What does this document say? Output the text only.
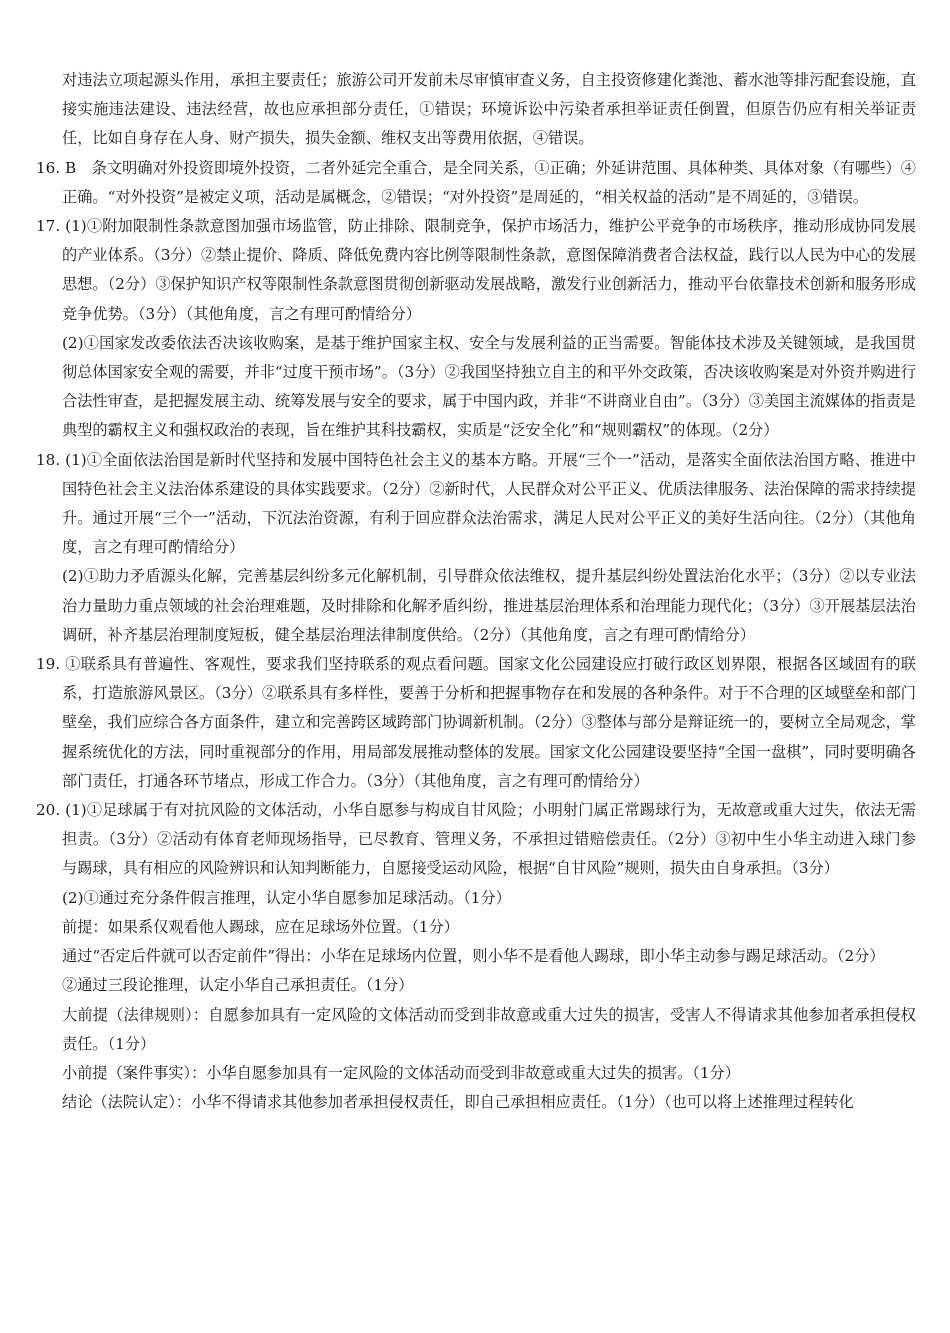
对违法立项起源头作用，承担主要责任；旅游公司开发前未尽审慎审查义务，自主投资修建化粪池、蓄水池等排污配套设施，直接实施违法建设、违法经营，故也应承担部分责任，①错误；环境诉讼中污染者承担举证责任倒置，但原告仍应有相关举证责任，比如自身存在人身、财产损失，损失金额、维权支出等费用依据，④错误。

16. B　条文明确对外投资即境外投资，二者外延完全重合，是全同关系，①正确；外延讲范围、具体种类、具体对象（有哪些）④正确。“对外投资”是被定义项，活动是属概念，②错误；“对外投资”是周延的，“相关权益的活动”是不周延的，③错误。

17. (1)①附加限制性条款意图加强市场监管，防止排除、限制竞争，保护市场活力，维护公平竞争的市场秩序，推动形成协同发展的产业体系。（3分）②禁止提价、降质、降低免费内容比例等限制性条款，意图保障消费者合法权益，践行以人民为中心的发展思想。（2分）③保护知识产权等限制性条款意图贯彻创新驱动发展战略，激发行业创新活力，推动平台依靠技术创新和服务形成竞争优势。（3分）（其他角度，言之有理可酌情给分）

(2)①国家发改委依法否决该收购案，是基于维护国家主权、安全与发展利益的正当需要。智能体技术涉及关键领域，是我国贯彻总体国家安全观的需要，并非“过度干预市场”。（3分）②我国坚持独立自主的和平外交政策，否决该收购案是对外资并购进行合法性审查，是把握发展主动、统筹发展与安全的要求，属于中国内政，并非“不讲商业自由”。（3分）③美国主流媒体的指责是典型的霸权主义和强权政治的表现，旨在维护其科技霸权，实质是“泛安全化”和“规则霸权”的体现。（2分）

18. (1)①全面依法治国是新时代坚持和发展中国特色社会主义的基本方略。开展“三个一”活动，是落实全面依法治国方略、推进中国特色社会主义法治体系建设的具体实践要求。（2分）②新时代，人民群众对公平正义、优质法律服务、法治保障的需求持续提升。通过开展“三个一”活动，下沉法治资源，有利于回应群众法治需求，满足人民对公平正义的美好生活向往。（2分）（其他角度，言之有理可酌情给分）

(2)①助力矛盾源头化解，完善基层纠纷多元化解机制，引导群众依法维权，提升基层纠纷处置法治化水平；（3分）②以专业法治力量助力重点领域的社会治理难题，及时排除和化解矛盾纠纷，推进基层治理体系和治理能力现代化；（3分）③开展基层法治调研，补齐基层治理制度短板，健全基层治理法律制度供给。（2分）（其他角度，言之有理可酌情给分）

19. ①联系具有普遍性、客观性，要求我们坚持联系的观点看问题。国家文化公园建设应打破行政区划界限，根据各区域固有的联系，打造旅游风景区。（3分）②联系具有多样性，要善于分析和把握事物存在和发展的各种条件。对于不合理的区域壁垒和部门壁垒，我们应综合各方面条件，建立和完善跨区域跨部门协调新机制。（2分）③整体与部分是辩证统一的，要树立全局观念，掌握系统优化的方法，同时重视部分的作用，用局部发展推动整体的发展。国家文化公园建设要坚持“全国一盘棋”，同时要明确各部门责任，打通各环节堵点，形成工作合力。（3分）（其他角度，言之有理可酌情给分）

20. (1)①足球属于有对抗风险的文体活动，小华自愿参与构成自甘风险；小明射门属正常踢球行为，无故意或重大过失，依法无需担责。（3分）②活动有体育老师现场指导，已尽教育、管理义务，不承担过错赔偿责任。（2分）③初中生小华主动进入球门参与踢球，具有相应的风险辨识和认知判断能力，自愿接受运动风险，根据“自甘风险”规则，损失由自身承担。（3分）

(2)①通过充分条件假言推理，认定小华自愿参加足球活动。（1分）

前提：如果系仅观看他人踢球，应在足球场外位置。（1分）

通过“否定后件就可以否定前件”得出：小华在足球场内位置，则小华不是看他人踢球，即小华主动参与踢足球活动。（2分）

②通过三段论推理，认定小华自己承担责任。（1分）

大前提（法律规则）：自愿参加具有一定风险的文体活动而受到非故意或重大过失的损害，受害人不得请求其他参加者承担侵权责任。（1分）

小前提（案件事实）：小华自愿参加具有一定风险的文体活动而受到非故意或重大过失的损害。（1分）

结论（法院认定）：小华不得请求其他参加者承担侵权责任，即自己承担相应责任。（1分）（也可以将上述推理过程转化
